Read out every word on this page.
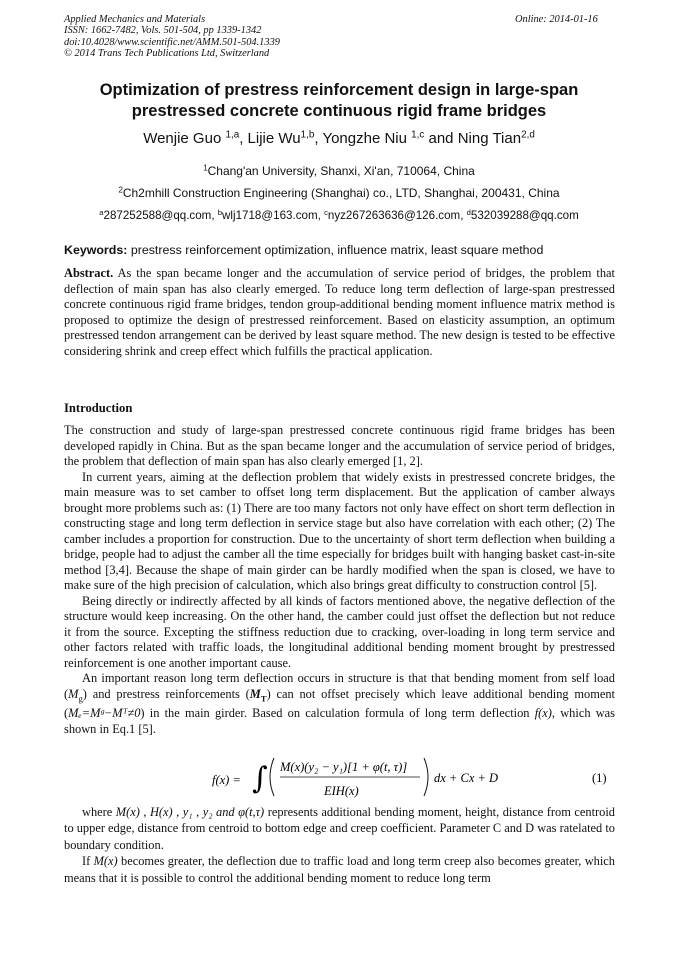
Applied Mechanics and Materials
ISSN: 1662-7482, Vols. 501-504, pp 1339-1342
doi:10.4028/www.scientific.net/AMM.501-504.1339
© 2014 Trans Tech Publications Ltd, Switzerland
Online: 2014-01-16
Optimization of prestress reinforcement design in large-span
prestressed concrete continuous rigid frame bridges
Wenjie Guo $^{1,a}$, Lijie Wu$^{1,b}$, Yongzhe Niu $^{1,c}$ and Ning Tian$^{2,d}$
$^1$Chang'an University, Shanxi, Xi'an, 710064, China
$^2$Ch2mhill Construction Engineering (Shanghai) co., LTD, Shanghai, 200431, China
$^a$287252588@qq.com, $^b$wlj1718@163.com, $^c$nyz267263636@126.com, $^d$532039288@qq.com
Keywords: prestress reinforcement optimization, influence matrix, least square method

Abstract. As the span became longer and the accumulation of service period of bridges, the problem that deflection of main span has also clearly emerged. To reduce long term deflection of large-span prestressed concrete continuous rigid frame bridges, tendon group-additional bending moment influence matrix method is proposed to optimize the design of prestressed reinforcement. Based on elasticity assumption, an optimum prestressed tendon arrangement can be derived by least square method. The new design is tested to be effective considering shrink and creep effect which fulfills the practical application.

Introduction

The construction and study of large-span prestressed concrete continuous rigid frame bridges has been developed rapidly in China. But as the span became longer and the accumulation of service period of bridges, the problem that deflection of main span has also clearly emerged [1, 2].

In current years, aiming at the deflection problem that widely exists in prestressed concrete bridges, the main measure was to set camber to offset long term displacement. But the application of camber always brought more problems such as: (1) There are too many factors not only have effect on short term deflection in constructing stage and long term deflection in service stage but also have correlation with each other; (2) The camber includes a proportion for construction. Due to the uncertainty of short term deflection when building a bridge, people had to adjust the camber all the time especially for bridges built with hanging basket cast-in-site method [3,4]. Because the shape of main girder can be hardly modified when the span is closed, we have to make sure of the high precision of calculation, which also brings great difficulty to construction control [5].

Being directly or indirectly affected by all kinds of factors mentioned above, the negative deflection of the structure would keep increasing. On the other hand, the camber could just offset the deflection but not reduce it from the source. Excepting the stiffness reduction due to cracking, over-loading in long term service and other factors related with traffic loads, the longitudinal additional bending moment brought by prestressed reinforcement is one another important cause.

An important reason long term deflection occurs in structure is that that bending moment from self load $(M_g)$ and prestress reinforcements $(M_T)$ can not offset precisely which leave additional bending moment (Mₑ=Mᵍ−Mᵀ≠0) in the main girder. Based on calculation formula of long term deflection f(x), which was shown in Eq.1 [5].

f(x) = ∫ M(x)(y₂ − y₁)[1 + φ(t, τ)]
EIH(x)
dx + Cx + D	(1)

where M(x) , H(x) , y₁ , y₂ and φ(t,τ) represents additional bending moment, height, distance from centroid to upper edge, distance from centroid to bottom edge and creep coefficient. Parameter C and D was ratelated to boundary condition.

If M(x) becomes greater, the deflection due to traffic load and long term creep also becomes greater, which means that it is possible to control the additional bending moment to reduce long term
